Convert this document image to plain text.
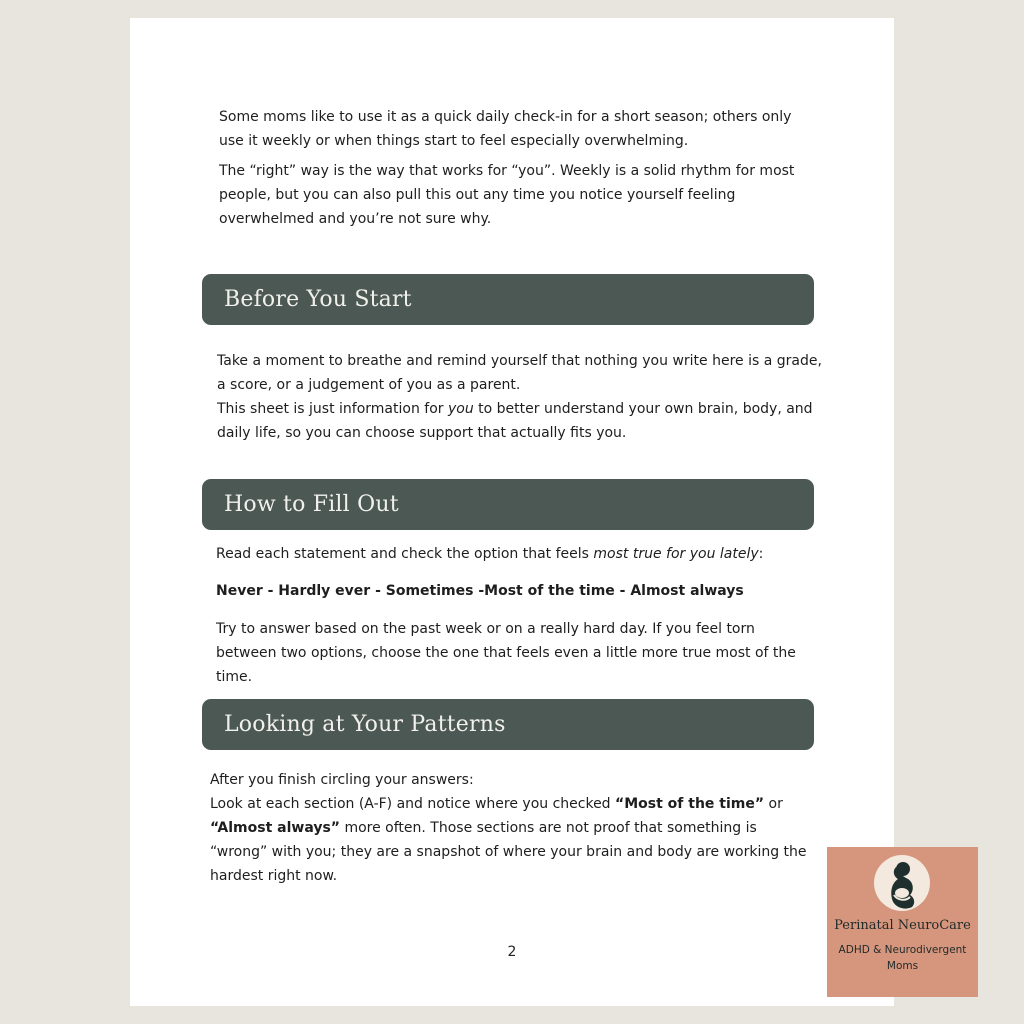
Some moms like to use it as a quick daily check-in for a short season; others only use it weekly or when things start to feel especially overwhelming.

The “right” way is the way that works for “you”. Weekly is a solid rhythm for most people, but you can also pull this out any time you notice yourself feeling overwhelmed and you’re not sure why.

Before You Start

Take a moment to breathe and remind yourself that nothing you write here is a grade, a score, or a judgement of you as a parent.

This sheet is just information for you to better understand your own brain, body, and daily life, so you can choose support that actually fits you.

How to Fill Out

Read each statement and check the option that feels most true for you lately:

Never - Hardly ever - Sometimes -Most of the time - Almost always

Try to answer based on the past week or on a really hard day. If you feel torn between two options, choose the one that feels even a little more true most of the time.

Looking at Your Patterns

After you finish circling your answers:

Look at each section (A-F) and notice where you checked “Most of the time” or “Almost always” more often. Those sections are not proof that something is “wrong” with you; they are a snapshot of where your brain and body are working the hardest right now.

2
Perinatal NeuroCare
ADHD & Neurodivergent Moms
